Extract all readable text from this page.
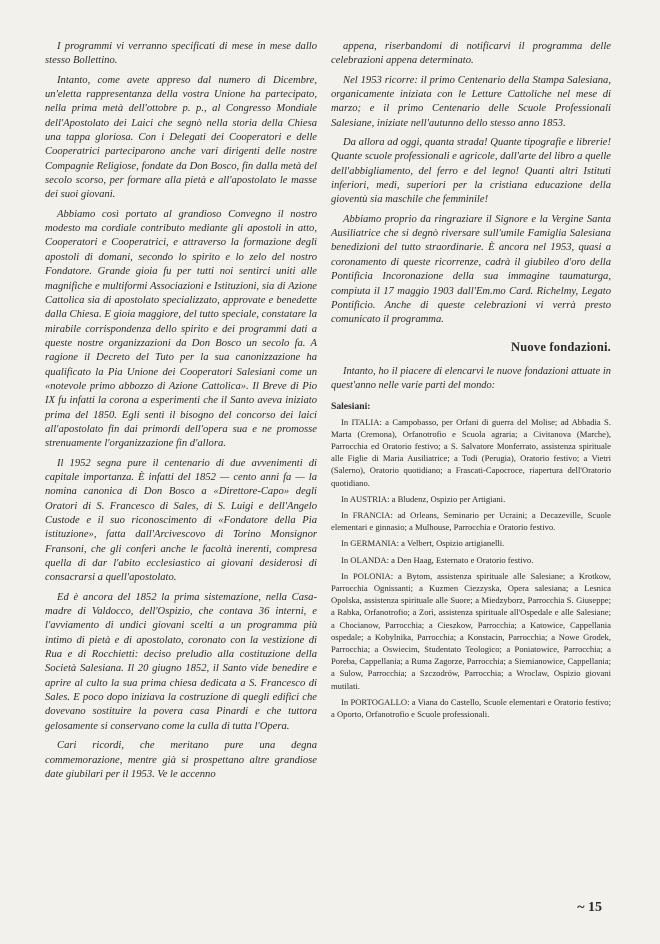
I programmi vi verranno specificati di mese in mese dallo stesso Bollettino.

Intanto, come avete appreso dal numero di Dicembre, un'eletta rappresentanza della vostra Unione ha partecipato, nella prima metà dell'ottobre p. p., al Congresso Mondiale dell'Apostolato dei Laici che segnò nella storia della Chiesa una tappa gloriosa. Con i Delegati dei Cooperatori e delle Cooperatrici parteciparono anche vari dirigenti delle nostre Compagnie Religiose, fondate da Don Bosco, fin dalla metà del secolo scorso, per formare alla pietà e all'apostolato le masse dei suoi giovani.

Abbiamo così portato al grandioso Convegno il nostro modesto ma cordiale contributo mediante gli apostoli in atto, Cooperatori e Cooperatrici, e attraverso la formazione degli apostoli di domani, secondo lo spirito e lo zelo del nostro Fondatore. Grande gioia fu per tutti noi sentirci uniti alle magnifiche e multiformi Associazioni e Istituzioni, sia di Azione Cattolica sia di apostolato specializzato, approvate e benedette dalla Chiesa. E gioia maggiore, del tutto speciale, constatare la mirabile corrispondenza dello spirito e dei programmi dati a queste nostre organizzazioni da Don Bosco un secolo fa. A ragione il Decreto del Tuto per la sua canonizzazione ha qualificato la Pia Unione dei Cooperatori Salesiani come un «notevole primo abbozzo di Azione Cattolica». Il Breve di Pio IX fu infatti la corona a esperimenti che il Santo aveva iniziato prima del 1850. Egli sentì il bisogno del concorso dei laici all'apostolato fin dai primordi dell'opera sua e ne promosse strenuamente l'organizzazione fin d'allora.

Il 1952 segna pure il centenario di due avvenimenti di capitale importanza. È infatti del 1852 — cento anni fa — la nomina canonica di Don Bosco a «Direttore-Capo» degli Oratori di S. Francesco di Sales, di S. Luigi e dell'Angelo Custode e il suo riconoscimento di «Fondatore della Pia istituzione», fatta dall'Arcivescovo di Torino Monsignor Fransoni, che gli conferì anche le facoltà inerenti, compresa quella di dar l'abito ecclesiastico ai giovani desiderosi di consacrarsi a quell'apostolato.

Ed è ancora del 1852 la prima sistemazione, nella Casa-madre di Valdocco, dell'Ospizio, che contava 36 interni, e l'avviamento di undici giovani scelti a un programma più intimo di pietà e di apostolato, coronato con la vestizione di Rua e di Rocchietti: deciso preludio alla costituzione della Società Salesiana. Il 20 giugno 1852, il Santo vide benedire e aprire al culto la sua prima chiesa dedicata a S. Francesco di Sales. E poco dopo iniziava la costruzione di quegli edifici che dovevano sostituire la povera casa Pinardi e che tuttora gelosamente si conservano come la culla di tutta l'Opera.

Cari ricordi, che meritano pure una degna commemorazione, mentre già si prospettano altre grandiose date giubilari per il 1953. Ve le accenno

appena, riserbandomi di notificarvi il programma delle celebrazioni appena determinato.

Nel 1953 ricorre: il primo Centenario della Stampa Salesiana, organicamente iniziata con le Letture Cattoliche nel mese di marzo; e il primo Centenario delle Scuole Professionali Salesiane, iniziate nell'autunno dello stesso anno 1853.

Da allora ad oggi, quanta strada! Quante tipografie e librerie! Quante scuole professionali e agricole, dall'arte del libro a quelle dell'abbigliamento, del ferro e del legno! Quanti altri Istituti inferiori, medi, superiori per la cristiana educazione della gioventù sia maschile che femminile!

Abbiamo proprio da ringraziare il Signore e la Vergine Santa Ausiliatrice che si degnò riversare sull'umile Famiglia Salesiana benedizioni del tutto straordinarie. È ancora nel 1953, quasi a coronamento di queste ricorrenze, cadrà il giubileo d'oro della Pontificia Incoronazione della sua immagine taumaturga, compiuta il 17 maggio 1903 dall'Em.mo Card. Richelmy, Legato Pontificio. Anche di queste celebrazioni vi verrà presto comunicato il programma.

Nuove fondazioni.

Intanto, ho il piacere di elencarvi le nuove fondazioni attuate in quest'anno nelle varie parti del mondo:

Salesiani:

In ITALIA: a Campobasso, per Orfani di guerra del Molise; ad Abbadia S. Marta (Cremona), Orfanotrofio e Scuola agraria; a Civitanova (Marche), Parrocchia ed Oratorio festivo; a S. Salvatore Monferrato, assistenza spirituale alle Figlie di Maria Ausiliatrice; a Todi (Perugia), Oratorio festivo; a Vietri (Salerno), Oratorio quotidiano; a Frascati-Capocroce, riapertura dell'Oratorio quotidiano.

In AUSTRIA: a Bludenz, Ospizio per Artigiani.

In FRANCIA: ad Orleans, Seminario per Ucraini; a Decazeville, Scuole elementari e ginnasio; a Mulhouse, Parrocchia e Oratorio festivo.

In GERMANIA: a Velbert, Ospizio artigianelli.

In OLANDA: a Den Haag, Esternato e Oratorio festivo.

In POLONIA: a Bytom, assistenza spirituale alle Salesiane; a Krotkow, Parrocchia Ognissanti; a Kuzmen Ciezzyska, Opera salesiana; a Lesnica Opolska, assistenza spirituale alle Suore; a Miedzyborz, Parrocchia S. Giuseppe; a Rabka, Orfanotrofio; a Zorì, assistenza spirituale all'Ospedale e alle Salesiane; a Chocianow, Parrocchia; a Cieszkow, Parrocchia; a Katowice, Cappellania ospedale; a Kobylnika, Parrocchia; a Konstacin, Parrocchia; a Nowe Grodek, Parrocchia; a Oswiecim, Studentato Teologico; a Poniatowice, Parrocchia; a Poreba, Cappellania; a Ruma Zagorze, Parrocchia; a Siemianowice, Cappellania; a Sulow, Parrocchia; a Szczodrów, Parrocchia; a Wroclaw, Ospizio giovani mutilati.

In PORTOGALLO: a Viana do Castello, Scuole elementari e Oratorio festivo; a Oporto, Orfanotrofio e Scuole professionali.

~ 15
